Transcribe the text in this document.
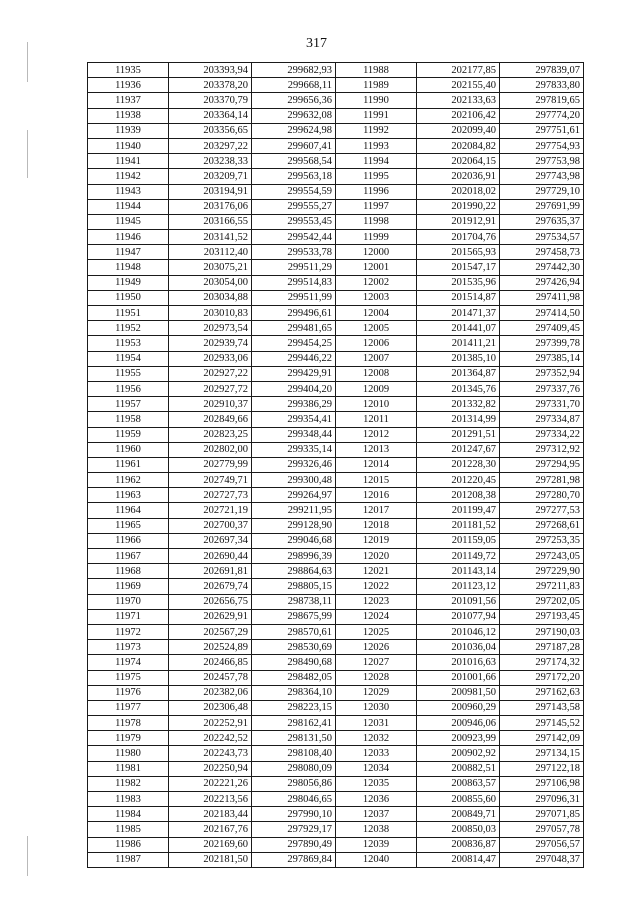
317
11935	203393,94	299682,93	11988	202177,85	297839,07
11936	203378,20	299668,11	11989	202155,40	297833,80
11937	203370,79	299656,36	11990	202133,63	297819,65
11938	203364,14	299632,08	11991	202106,42	297774,20
11939	203356,65	299624,98	11992	202099,40	297751,61
11940	203297,22	299607,41	11993	202084,82	297754,93
11941	203238,33	299568,54	11994	202064,15	297753,98
11942	203209,71	299563,18	11995	202036,91	297743,98
11943	203194,91	299554,59	11996	202018,02	297729,10
11944	203176,06	299555,27	11997	201990,22	297691,99
11945	203166,55	299553,45	11998	201912,91	297635,37
11946	203141,52	299542,44	11999	201704,76	297534,57
11947	203112,40	299533,78	12000	201565,93	297458,73
11948	203075,21	299511,29	12001	201547,17	297442,30
11949	203054,00	299514,83	12002	201535,96	297426,94
11950	203034,88	299511,99	12003	201514,87	297411,98
11951	203010,83	299496,61	12004	201471,37	297414,50
11952	202973,54	299481,65	12005	201441,07	297409,45
11953	202939,74	299454,25	12006	201411,21	297399,78
11954	202933,06	299446,22	12007	201385,10	297385,14
11955	202927,22	299429,91	12008	201364,87	297352,94
11956	202927,72	299404,20	12009	201345,76	297337,76
11957	202910,37	299386,29	12010	201332,82	297331,70
11958	202849,66	299354,41	12011	201314,99	297334,87
11959	202823,25	299348,44	12012	201291,51	297334,22
11960	202802,00	299335,14	12013	201247,67	297312,92
11961	202779,99	299326,46	12014	201228,30	297294,95
11962	202749,71	299300,48	12015	201220,45	297281,98
11963	202727,73	299264,97	12016	201208,38	297280,70
11964	202721,19	299211,95	12017	201199,47	297277,53
11965	202700,37	299128,90	12018	201181,52	297268,61
11966	202697,34	299046,68	12019	201159,05	297253,35
11967	202690,44	298996,39	12020	201149,72	297243,05
11968	202691,81	298864,63	12021	201143,14	297229,90
11969	202679,74	298805,15	12022	201123,12	297211,83
11970	202656,75	298738,11	12023	201091,56	297202,05
11971	202629,91	298675,99	12024	201077,94	297193,45
11972	202567,29	298570,61	12025	201046,12	297190,03
11973	202524,89	298530,69	12026	201036,04	297187,28
11974	202466,85	298490,68	12027	201016,63	297174,32
11975	202457,78	298482,05	12028	201001,66	297172,20
11976	202382,06	298364,10	12029	200981,50	297162,63
11977	202306,48	298223,15	12030	200960,29	297143,58
11978	202252,91	298162,41	12031	200946,06	297145,52
11979	202242,52	298131,50	12032	200923,99	297142,09
11980	202243,73	298108,40	12033	200902,92	297134,15
11981	202250,94	298080,09	12034	200882,51	297122,18
11982	202221,26	298056,86	12035	200863,57	297106,98
11983	202213,56	298046,65	12036	200855,60	297096,31
11984	202183,44	297990,10	12037	200849,71	297071,85
11985	202167,76	297929,17	12038	200850,03	297057,78
11986	202169,60	297890,49	12039	200836,87	297056,57
11987	202181,50	297869,84	12040	200814,47	297048,37
